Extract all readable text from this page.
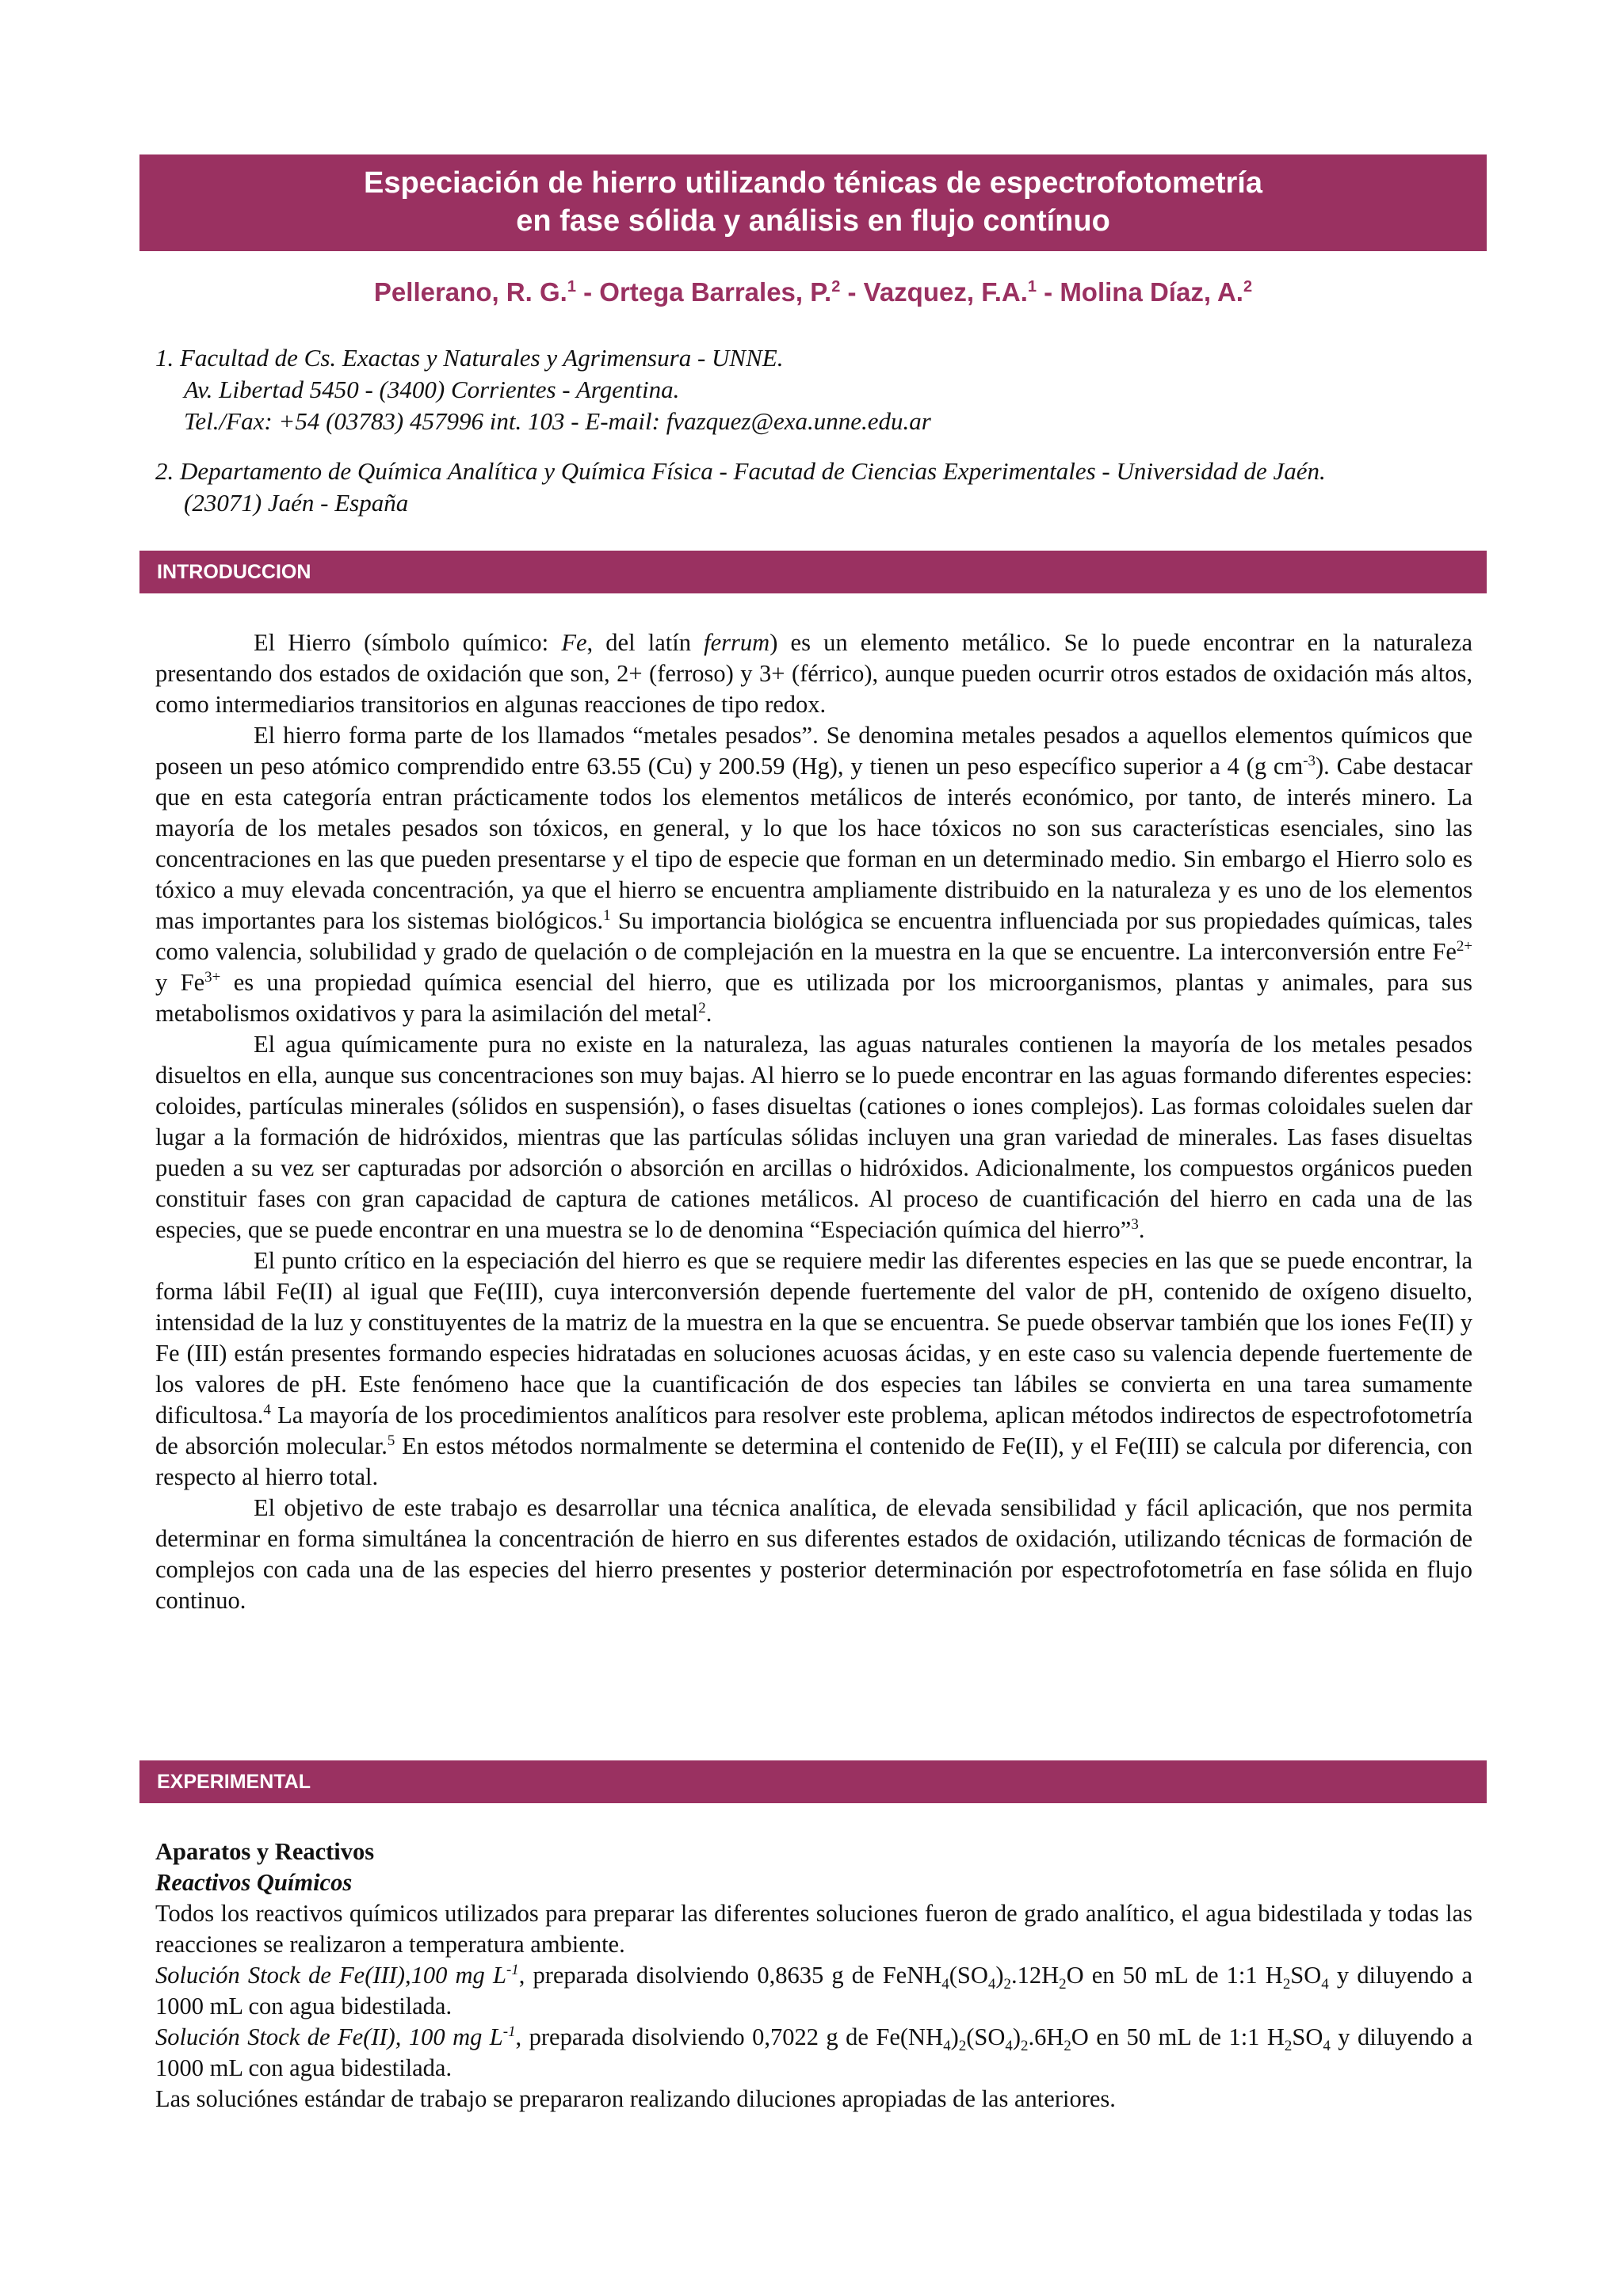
Especiación de hierro utilizando ténicas de espectrofotometría
en fase sólida y análisis en flujo contínuo
Pellerano, R. G.$^1$ - Ortega Barrales, P.$^2$ - Vazquez, F.A.$^1$ - Molina Díaz, A.$^2$
1. Facultad de Cs. Exactas y Naturales y Agrimensura - UNNE.
Av. Libertad 5450 - (3400) Corrientes - Argentina.
Tel./Fax: +54 (03783) 457996 int. 103 - E-mail: fvazquez@exa.unne.edu.ar
2. Departamento de Química Analítica y Química Física - Facutad de Ciencias Experimentales - Universidad de Jaén.
(23071) Jaén - España
INTRODUCCION

El Hierro (símbolo químico: Fe, del latín ferrum) es un elemento metálico. Se lo puede encontrar en la naturaleza presentando dos estados de oxidación que son, 2+ (ferroso) y 3+ (férrico), aunque pueden ocurrir otros estados de oxidación más altos, como intermediarios transitorios en algunas reacciones de tipo redox.

El hierro forma parte de los llamados “metales pesados”. Se denomina metales pesados a aquellos elementos químicos que poseen un peso atómico comprendido entre 63.55 (Cu) y 200.59 (Hg), y tienen un peso específico superior a 4 (g $cm^{-3}$). Cabe destacar que en esta categoría entran prácticamente todos los elementos metálicos de interés económico, por tanto, de interés minero. La mayoría de los metales pesados son tóxicos, en general, y lo que los hace tóxicos no son sus características esenciales, sino las concentraciones en las que pueden presentarse y el tipo de especie que forman en un determinado medio. Sin embargo el Hierro solo es tóxico a muy elevada concentración, ya que el hierro se encuentra ampliamente distribuido en la naturaleza y es uno de los elementos mas importantes para los sistemas biológicos.$^1$ Su importancia biológica se encuentra influenciada por sus propiedades químicas, tales como valencia, solubilidad y grado de quelación o de complejación en la muestra en la que se encuentre. La interconversión entre $Fe^{2+}$ y $Fe^{3+}$ es una propiedad química esencial del hierro, que es utilizada por los microorganismos, plantas y animales, para sus metabolismos oxidativos y para la asimilación del metal$^2$.

El agua químicamente pura no existe en la naturaleza, las aguas naturales contienen la mayoría de los metales pesados disueltos en ella, aunque sus concentraciones son muy bajas. Al hierro se lo puede encontrar en las aguas formando diferentes especies: coloides, partículas minerales (sólidos en suspensión), o fases disueltas (cationes o iones complejos). Las formas coloidales suelen dar lugar a la formación de hidróxidos, mientras que las partículas sólidas incluyen una gran variedad de minerales. Las fases disueltas pueden a su vez ser capturadas por adsorción o absorción en arcillas o hidróxidos. Adicionalmente, los compuestos orgánicos pueden constituir fases con gran capacidad de captura de cationes metálicos. Al proceso de cuantificación del hierro en cada una de las especies, que se puede encontrar en una muestra se lo de denomina “Especiación química del hierro”$^3$.

El punto crítico en la especiación del hierro es que se requiere medir las diferentes especies en las que se puede encontrar, la forma lábil Fe(II) al igual que Fe(III), cuya interconversión depende fuertemente del valor de pH, contenido de oxígeno disuelto, intensidad de la luz y constituyentes de la matriz de la muestra en la que se encuentra. Se puede observar también que los iones Fe(II) y Fe (III) están presentes formando especies hidratadas en soluciones acuosas ácidas, y en este caso su valencia depende fuertemente de los valores de pH. Este fenómeno hace que la cuantificación de dos especies tan lábiles se convierta en una tarea sumamente dificultosa.$^4$ La mayoría de los procedimientos analíticos para resolver este problema, aplican métodos indirectos de espectrofotometría de absorción molecular.$^5$ En estos métodos normalmente se determina el contenido de Fe(II), y el Fe(III) se calcula por diferencia, con respecto al hierro total.

El objetivo de este trabajo es desarrollar una técnica analítica, de elevada sensibilidad y fácil aplicación, que nos permita determinar en forma simultánea la concentración de hierro en sus diferentes estados de oxidación, utilizando técnicas de formación de complejos con cada una de las especies del hierro presentes y posterior determinación por espectrofotometría en fase sólida en flujo continuo.

EXPERIMENTAL

Aparatos y Reactivos

Reactivos Químicos

Todos los reactivos químicos utilizados para preparar las diferentes soluciones fueron de grado analítico, el agua bidestilada y todas las reacciones se realizaron a temperatura ambiente.

Solución Stock de Fe(III),100 mg $L^{-1}$, preparada disolviendo 0,8635 g de $FeNH_4(SO_4)_2.12H_2O$ en 50 mL de 1:1 $H_2SO_4$ y diluyendo a 1000 mL con agua bidestilada.

Solución Stock de Fe(II), 100 mg $L^{-1}$, preparada disolviendo 0,7022 g de $Fe(NH_4)_2(SO_4)_2.6H_2O$ en 50 mL de 1:1 $H_2SO_4$ y diluyendo a 1000 mL con agua bidestilada.

Las soluciónes estándar de trabajo se prepararon realizando diluciones apropiadas de las anteriores.
